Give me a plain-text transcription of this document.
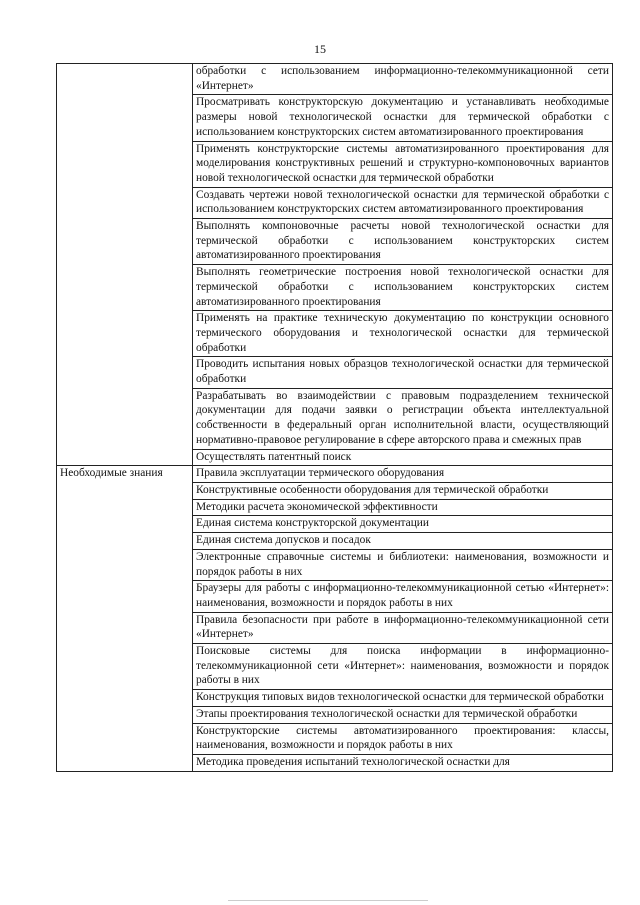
15
	обработки с использованием информационно-телекоммуникационной сети «Интернет»
	Просматривать конструкторскую документацию и устанавливать необходимые размеры новой технологической оснастки для термической обработки с использованием конструкторских систем автоматизированного проектирования
	Применять конструкторские системы автоматизированного проектирования для моделирования конструктивных решений и структурно-компоновочных вариантов новой технологической оснастки для термической обработки
	Создавать чертежи новой технологической оснастки для термической обработки с использованием конструкторских систем автоматизированного проектирования
	Выполнять компоновочные расчеты новой технологической оснастки для термической обработки с использованием конструкторских систем автоматизированного проектирования
	Выполнять геометрические построения новой технологической оснастки для термической обработки с использованием конструкторских систем автоматизированного проектирования
	Применять на практике техническую документацию по конструкции основного термического оборудования и технологической оснастки для термической обработки
	Проводить испытания новых образцов технологической оснастки для термической обработки
	Разрабатывать во взаимодействии с правовым подразделением технической документации для подачи заявки о регистрации объекта интеллектуальной собственности в федеральный орган исполнительной власти, осуществляющий нормативно-правовое регулирование в сфере авторского права и смежных прав
	Осуществлять патентный поиск
Необходимые знания	Правила эксплуатации термического оборудования
	Конструктивные особенности оборудования для термической обработки
	Методики расчета экономической эффективности
	Единая система конструкторской документации
	Единая система допусков и посадок
	Электронные справочные системы и библиотеки: наименования, возможности и порядок работы в них
	Браузеры для работы с информационно-телекоммуникационной сетью «Интернет»: наименования, возможности и порядок работы в них
	Правила безопасности при работе в информационно-телекоммуникационной сети «Интернет»
	Поисковые системы для поиска информации в информационно-телекоммуникационной сети «Интернет»: наименования, возможности и порядок работы в них
	Конструкция типовых видов технологической оснастки для термической обработки
	Этапы проектирования технологической оснастки для термической обработки
	Конструкторские системы автоматизированного проектирования: классы, наименования, возможности и порядок работы в них
	Методика проведения испытаний технологической оснастки для
